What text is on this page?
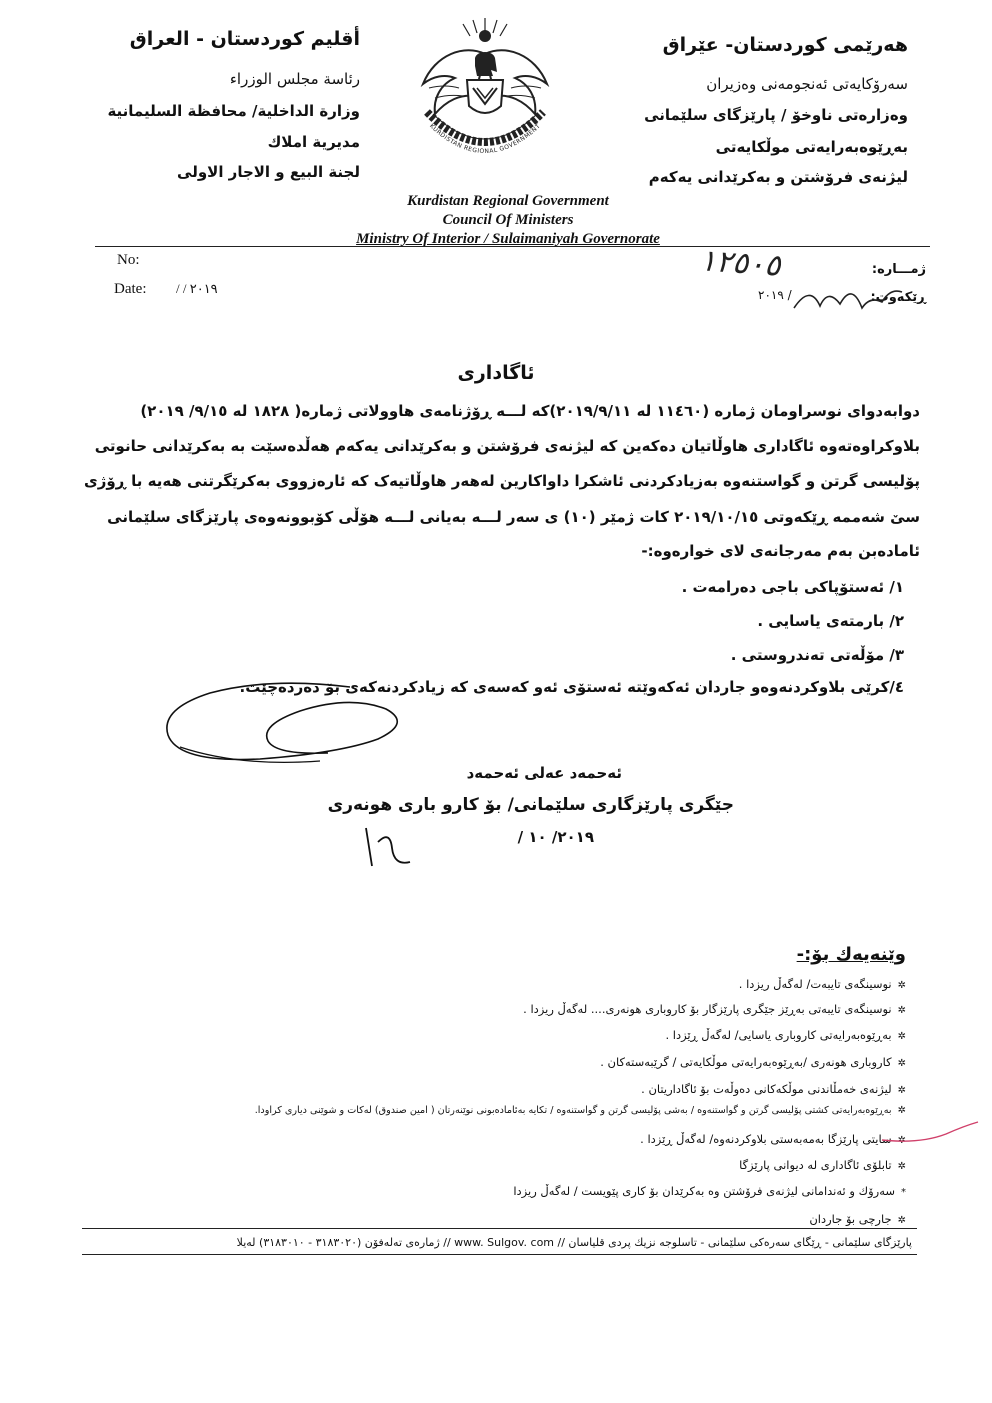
أقليم كوردستان - العراق
رئاسة مجلس الوزراء
وزارة الداخلية/ محافظة السليمانية
مديرية املاك
لجنة البيع و الاجار الاولى
هەرێمی كوردستان- عێراق
سەرۆكایەتی ئەنجومەنی وەزیران
وەزارەتی ناوخۆ / پارێزگای سلێمانی
بەڕێوەبەرایەتی موڵكایەتی
لیژنەی فرۆشتن و بەكرێدانی یەكەم
KURDISTAN REGIONAL GOVERNMENT
Kurdistan Regional Government
Council Of Ministers
Ministry Of Interior / Sulaimaniyah Governorate
No:
Date: / / ٢٠١٩
ژمـــارە:
١٢٥٠٥
ڕێكەوت:
/ ٢٠١٩
ئاگاداری
دوابەدوای نوسراومان ژمارە (١١٤٦٠ لە ٢٠١٩/٩/١١)كە لـــە ڕۆژنامەی هاوولاتی ژمارە( ١٨٢٨ لە ٩/١٥/ ٢٠١٩)
بلاوكراوەتەوە ئاگاداری هاوڵاتیان دەكەین كە لیژنەی فرۆشتن و بەكرێدانی یەكەم هەڵدەسێت بە بەكرێدانی حانوتی
پۆلیسی گرتن و گواستنەوە بەزیادكردنی ئاشكرا داواكارین لەهەر هاوڵاتیەک كە ئارەزووی بەكرێگرتنی هەیە با ڕۆژی
سێ شەممە ڕێكەوتی ٢٠١٩/١٠/١٥ كات ژمێر (١٠) ی سەر لـــە بەیانی لـــە هۆڵی كۆبوونەوەی پارێزگای سلێمانی
ئامادەبن بەم مەرجانەی لای خوارەوە:-
١/ ئەستۆپاكی باجی دەرامەت .
٢/ بارمتەی یاسایی .
٣/ مۆڵەتی تەندروستی .
٤/كرێی بلاوكردنەوەو جاردان ئەكەوێتە ئەستۆی ئەو كەسەی كە زیادكردنەكەی بۆ دەردەچێت.
ئەحمەد عەلی ئەحمەد
جێگری پارێزگاری سلێمانی/ بۆ كارو باری هونەری
٢٠١٩/ ١٠ /
وێنەیەك بۆ:-
✲نوسینگەی تایبەت/ لەگەڵ ریزدا .
✲نوسینگەی تایبەتی بەڕێز جێگری پارێزگار بۆ كاروباری هونەری.... لەگەڵ ریزدا .
✲بەڕێوەبەرایەتی كاروباری یاسایی/ لەگەڵ ڕێزدا .
✲كاروباری هونەری /بەڕێوەبەرایەتی موڵكایەتی / گرێبەستەكان .
✲لیژنەی خەمڵاندنی موڵكەكانی دەوڵەت بۆ ئاگاداریتان .
✲بەڕێوەبەرایەتی كشتی پۆلیسی گرتن و گواستنەوە / بەشی پۆلیسی گرتن و گواستنەوە / تكایە بەئامادەبونی نوێنەرتان ( امین صندوق) لەكات و شوێنی دیاری كراودا.
✲سایتی پارێزگا بەمەبەستی بلاوكردنەوە/ لەگەڵ ڕێزدا .
✲تابلۆی ئاگاداری لە دیوانی پارێزگا
*سەرۆك و ئەندامانی لیژنەی فرۆشتن وە بەكرێدان بۆ كاری پێویست / لەگەڵ ریزدا
✲جارچی بۆ جاردان
پارێزگای سلێمانی - ڕێگای سەرەكی سلێمانی - تاسلوجە نزیك پردی قلیاسان // www. Sulgov. com // ژمارەی تەلەفۆن (٣١٨٣٠٢٠ - ٣١٨٣٠١٠) لەیلا
